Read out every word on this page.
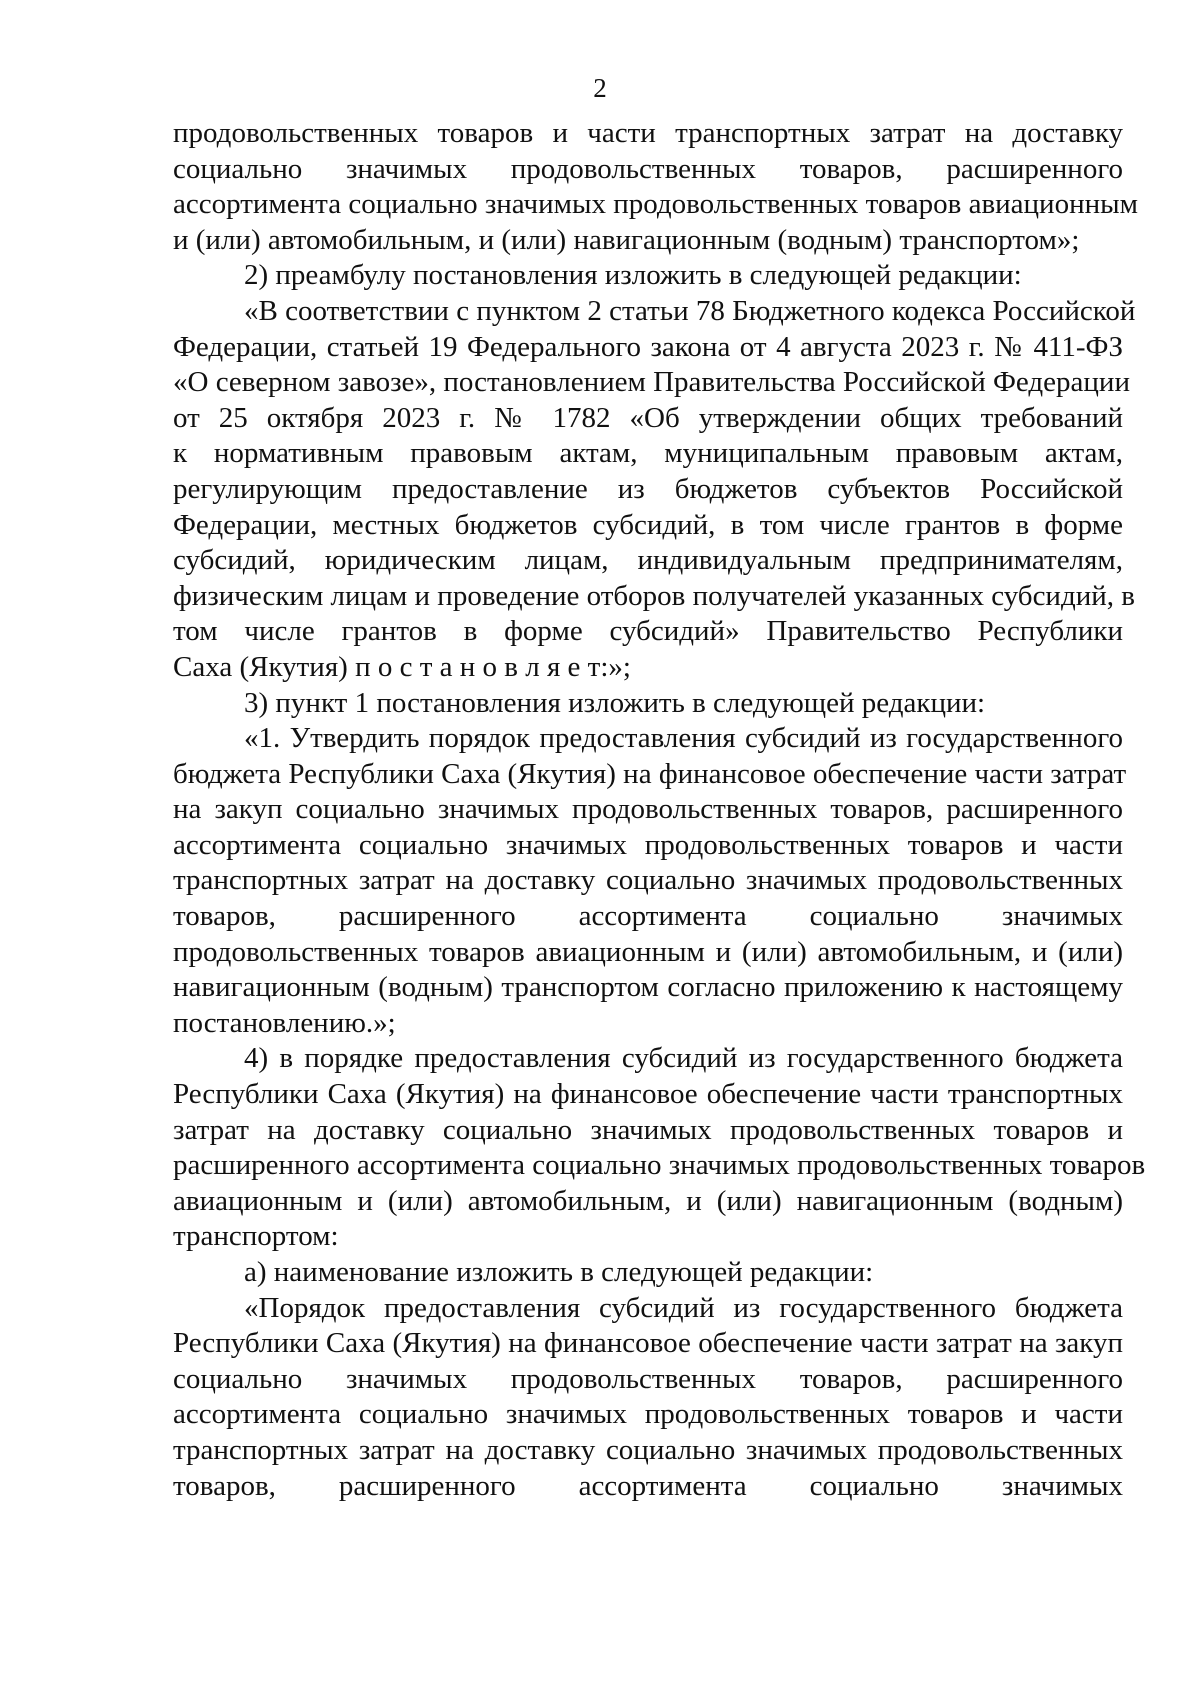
2
продовольственных товаров и части транспортных затрат на доставку
социально значимых продовольственных товаров, расширенного
ассортимента социально значимых продовольственных товаров авиационным
и (или) автомобильным, и (или) навигационным (водным) транспортом»;
2) преамбулу постановления изложить в следующей редакции:
«В соответствии с пунктом 2 статьи 78 Бюджетного кодекса Российской
Федерации, статьей 19 Федерального закона от 4 августа 2023 г. № 411-ФЗ
«О северном завозе», постановлением Правительства Российской Федерации
от 25 октября 2023 г. № 1782 «Об утверждении общих требований
к нормативным правовым актам, муниципальным правовым актам,
регулирующим предоставление из бюджетов субъектов Российской
Федерации, местных бюджетов субсидий, в том числе грантов в форме
субсидий, юридическим лицам, индивидуальным предпринимателям,
физическим лицам и проведение отборов получателей указанных субсидий, в
том числе грантов в форме субсидий» Правительство Республики
Саха (Якутия) п о с т а н о в л я е т:»;
3) пункт 1 постановления изложить в следующей редакции:
«1. Утвердить порядок предоставления субсидий из государственного
бюджета Республики Саха (Якутия) на финансовое обеспечение части затрат
на закуп социально значимых продовольственных товаров, расширенного
ассортимента социально значимых продовольственных товаров и части
транспортных затрат на доставку социально значимых продовольственных
товаров, расширенного ассортимента социально значимых
продовольственных товаров авиационным и (или) автомобильным, и (или)
навигационным (водным) транспортом согласно приложению к настоящему
постановлению.»;
4) в порядке предоставления субсидий из государственного бюджета
Республики Саха (Якутия) на финансовое обеспечение части транспортных
затрат на доставку социально значимых продовольственных товаров и
расширенного ассортимента социально значимых продовольственных товаров
авиационным и (или) автомобильным, и (или) навигационным (водным)
транспортом:
а) наименование изложить в следующей редакции:
«Порядок предоставления субсидий из государственного бюджета
Республики Саха (Якутия) на финансовое обеспечение части затрат на закуп
социально значимых продовольственных товаров, расширенного
ассортимента социально значимых продовольственных товаров и части
транспортных затрат на доставку социально значимых продовольственных
товаров, расширенного ассортимента социально значимых
